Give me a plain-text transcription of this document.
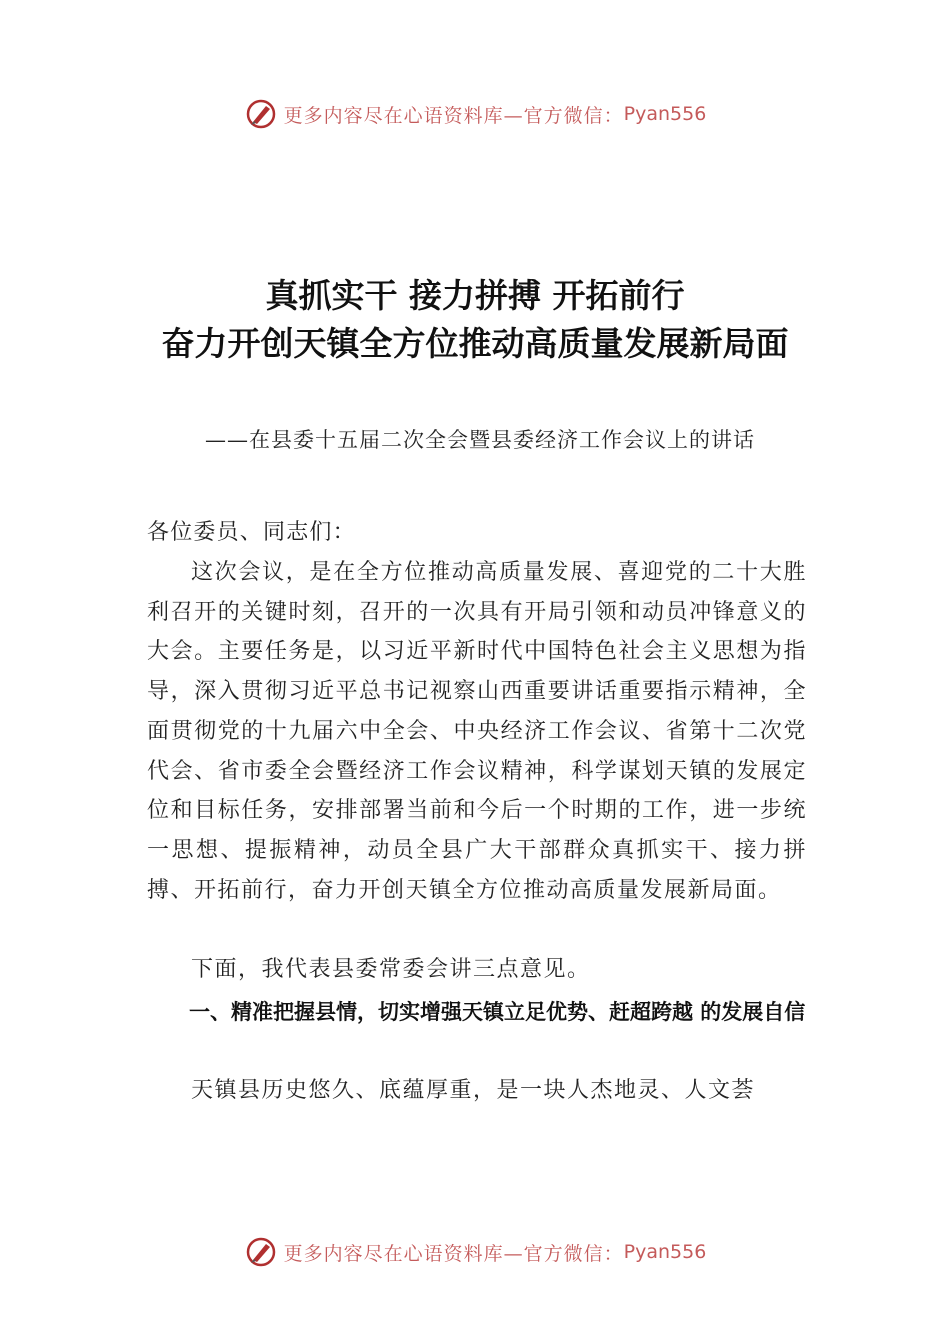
更多内容尽在心语资料库—官方微信： Pyan556
真抓实干 接力拼搏 开拓前行
奋力开创天镇全方位推动高质量发展新局面
——在县委十五届二次全会暨县委经济工作会议上的讲话
各位委员、同志们：
这次会议，是在全方位推动高质量发展、喜迎党的二十大胜利召开的关键时刻，召开的一次具有开局引领和动员冲锋意义的大会。主要任务是，以习近平新时代中国特色社会主义思想为指导，深入贯彻习近平总书记视察山西重要讲话重要指示精神，全面贯彻党的十九届六中全会、中央经济工作会议、省第十二次党代会、省市委全会暨经济工作会议精神，科学谋划天镇的发展定位和目标任务，安排部署当前和今后一个时期的工作，进一步统一思想、提振精神，动员全县广大干部群众真抓实干、接力拼搏、开拓前行，奋力开创天镇全方位推动高质量发展新局面。
下面，我代表县委常委会讲三点意见。
一、精准把握县情，切实增强天镇立足优势、赶超跨越 的发展自信
天镇县历史悠久、底蕴厚重，是一块人杰地灵、人文荟
更多内容尽在心语资料库—官方微信： Pyan556
